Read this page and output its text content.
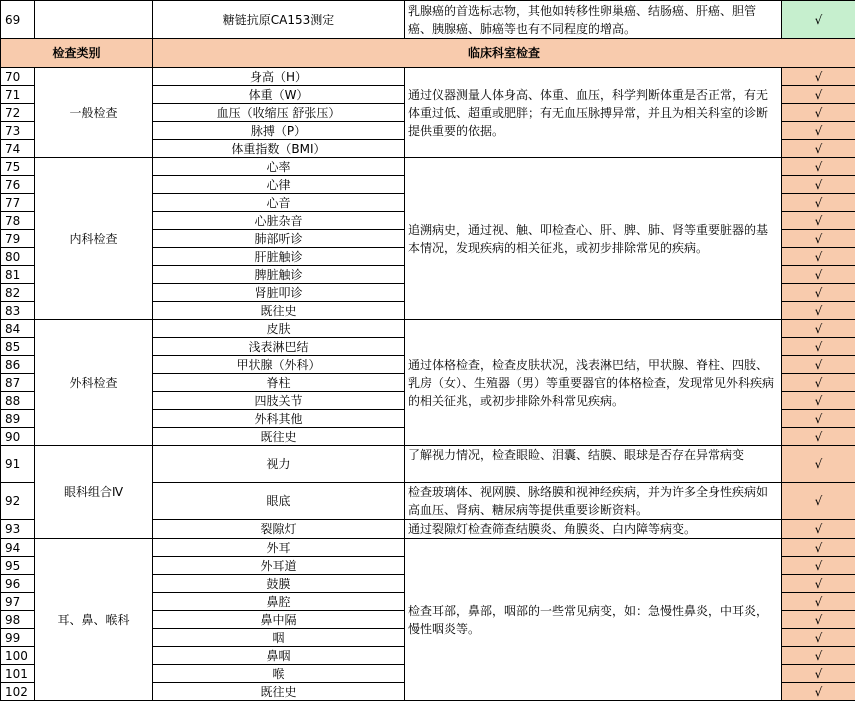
69		糖链抗原CA153测定	乳腺癌的首选标志物，其他如转移性卵巢癌、结肠癌、肝癌、胆管癌、胰腺癌、肺癌等也有不同程度的增高。	√
检查类别		临床科室检查		
70	一般检查	身高（H）	通过仪器测量人体身高、体重、血压，科学判断体重是否正常，有无体重过低、超重或肥胖；有无血压脉搏异常，并且为相关科室的诊断提供重要的依据。	√
71		体重（W）		√
72		血压（收缩压 舒张压）		√
73		脉搏（P）		√
74		体重指数（BMI）		√
75	内科检查	心率	追溯病史，通过视、触、叩检查心、肝、脾、肺、肾等重要脏器的基本情况，发现疾病的相关征兆，或初步排除常见的疾病。	√
76		心律		√
77		心音		√
78		心脏杂音		√
79		肺部听诊		√
80		肝脏触诊		√
81		脾脏触诊		√
82		肾脏叩诊		√
83		既往史		√
84	外科检查	皮肤	通过体格检查，检查皮肤状况，浅表淋巴结，甲状腺、脊柱、四肢、乳房（女）、生殖器（男）等重要器官的体格检查，发现常见外科疾病的相关征兆，或初步排除外科常见疾病。	√
85		浅表淋巴结		√
86		甲状腺（外科）		√
87		脊柱		√
88		四肢关节		√
89		外科其他		√
90		既往史		√
91	眼科组合Ⅳ	视力	了解视力情况，检查眼睑、泪囊、结膜、眼球是否存在异常病变	√
92		眼底	检查玻璃体、视网膜、脉络膜和视神经疾病，并为许多全身性疾病如高血压、肾病、糖尿病等提供重要诊断资料。	√
93		裂隙灯	通过裂隙灯检查筛查结膜炎、角膜炎、白内障等病变。	√
94	耳、鼻、喉科	外耳	检查耳部，鼻部，咽部的一些常见病变，如：急慢性鼻炎，中耳炎，慢性咽炎等。	√
95		外耳道		√
96		鼓膜		√
97		鼻腔		√
98		鼻中隔		√
99		咽		√
100		鼻咽		√
101		喉		√
102		既往史		√
